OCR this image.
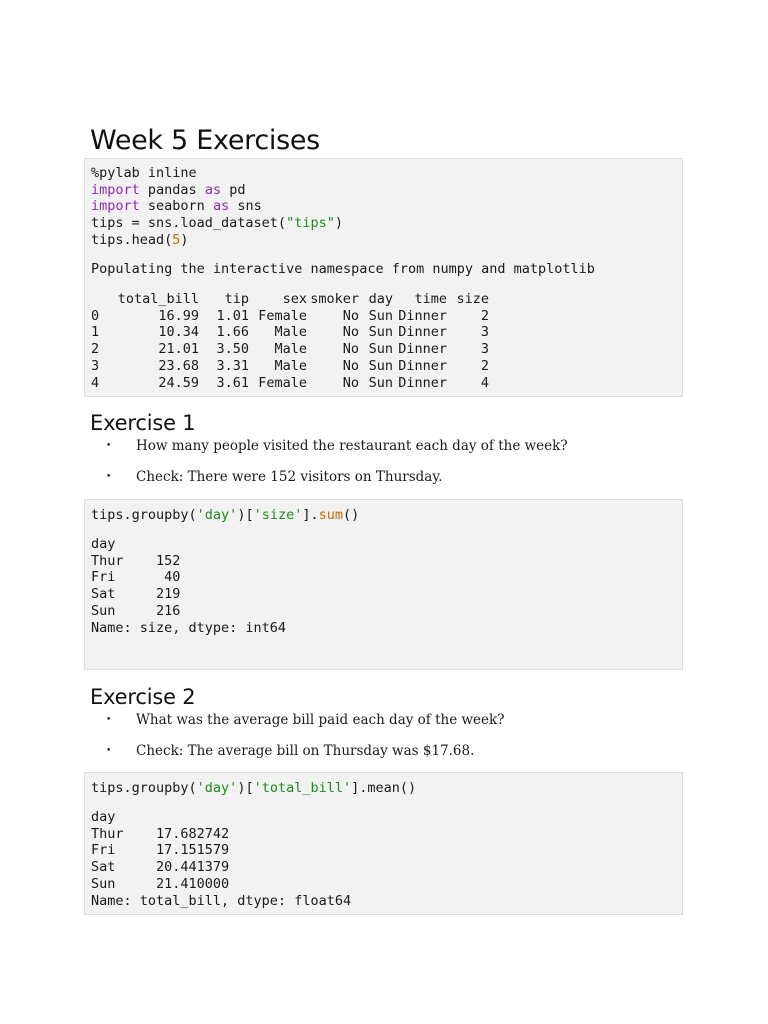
Week 5 Exercises
%pylab inline
import pandas as pd
import seaborn as sns
tips = sns.load_dataset("tips")
tips.head(5)
Populating the interactive namespace from numpy and matplotlib
	total_bill	tip	sex	smoker	day	time	size
0	16.99	1.01	Female	No	Sun	Dinner	2
1	10.34	1.66	Male	No	Sun	Dinner	3
2	21.01	3.50	Male	No	Sun	Dinner	3
3	23.68	3.31	Male	No	Sun	Dinner	2
4	24.59	3.61	Female	No	Sun	Dinner	4
Exercise 1
• How many people visited the restaurant each day of the week?
• Check: There were 152 visitors on Thursday.
tips.groupby('day')['size'].sum()
day
Thur    152
Fri      40
Sat     219
Sun     216
Name: size, dtype: int64
Exercise 2
• What was the average bill paid each day of the week?
• Check: The average bill on Thursday was $17.68.
tips.groupby('day')['total_bill'].mean()
day
Thur    17.682742
Fri     17.151579
Sat     20.441379
Sun     21.410000
Name: total_bill, dtype: float64
